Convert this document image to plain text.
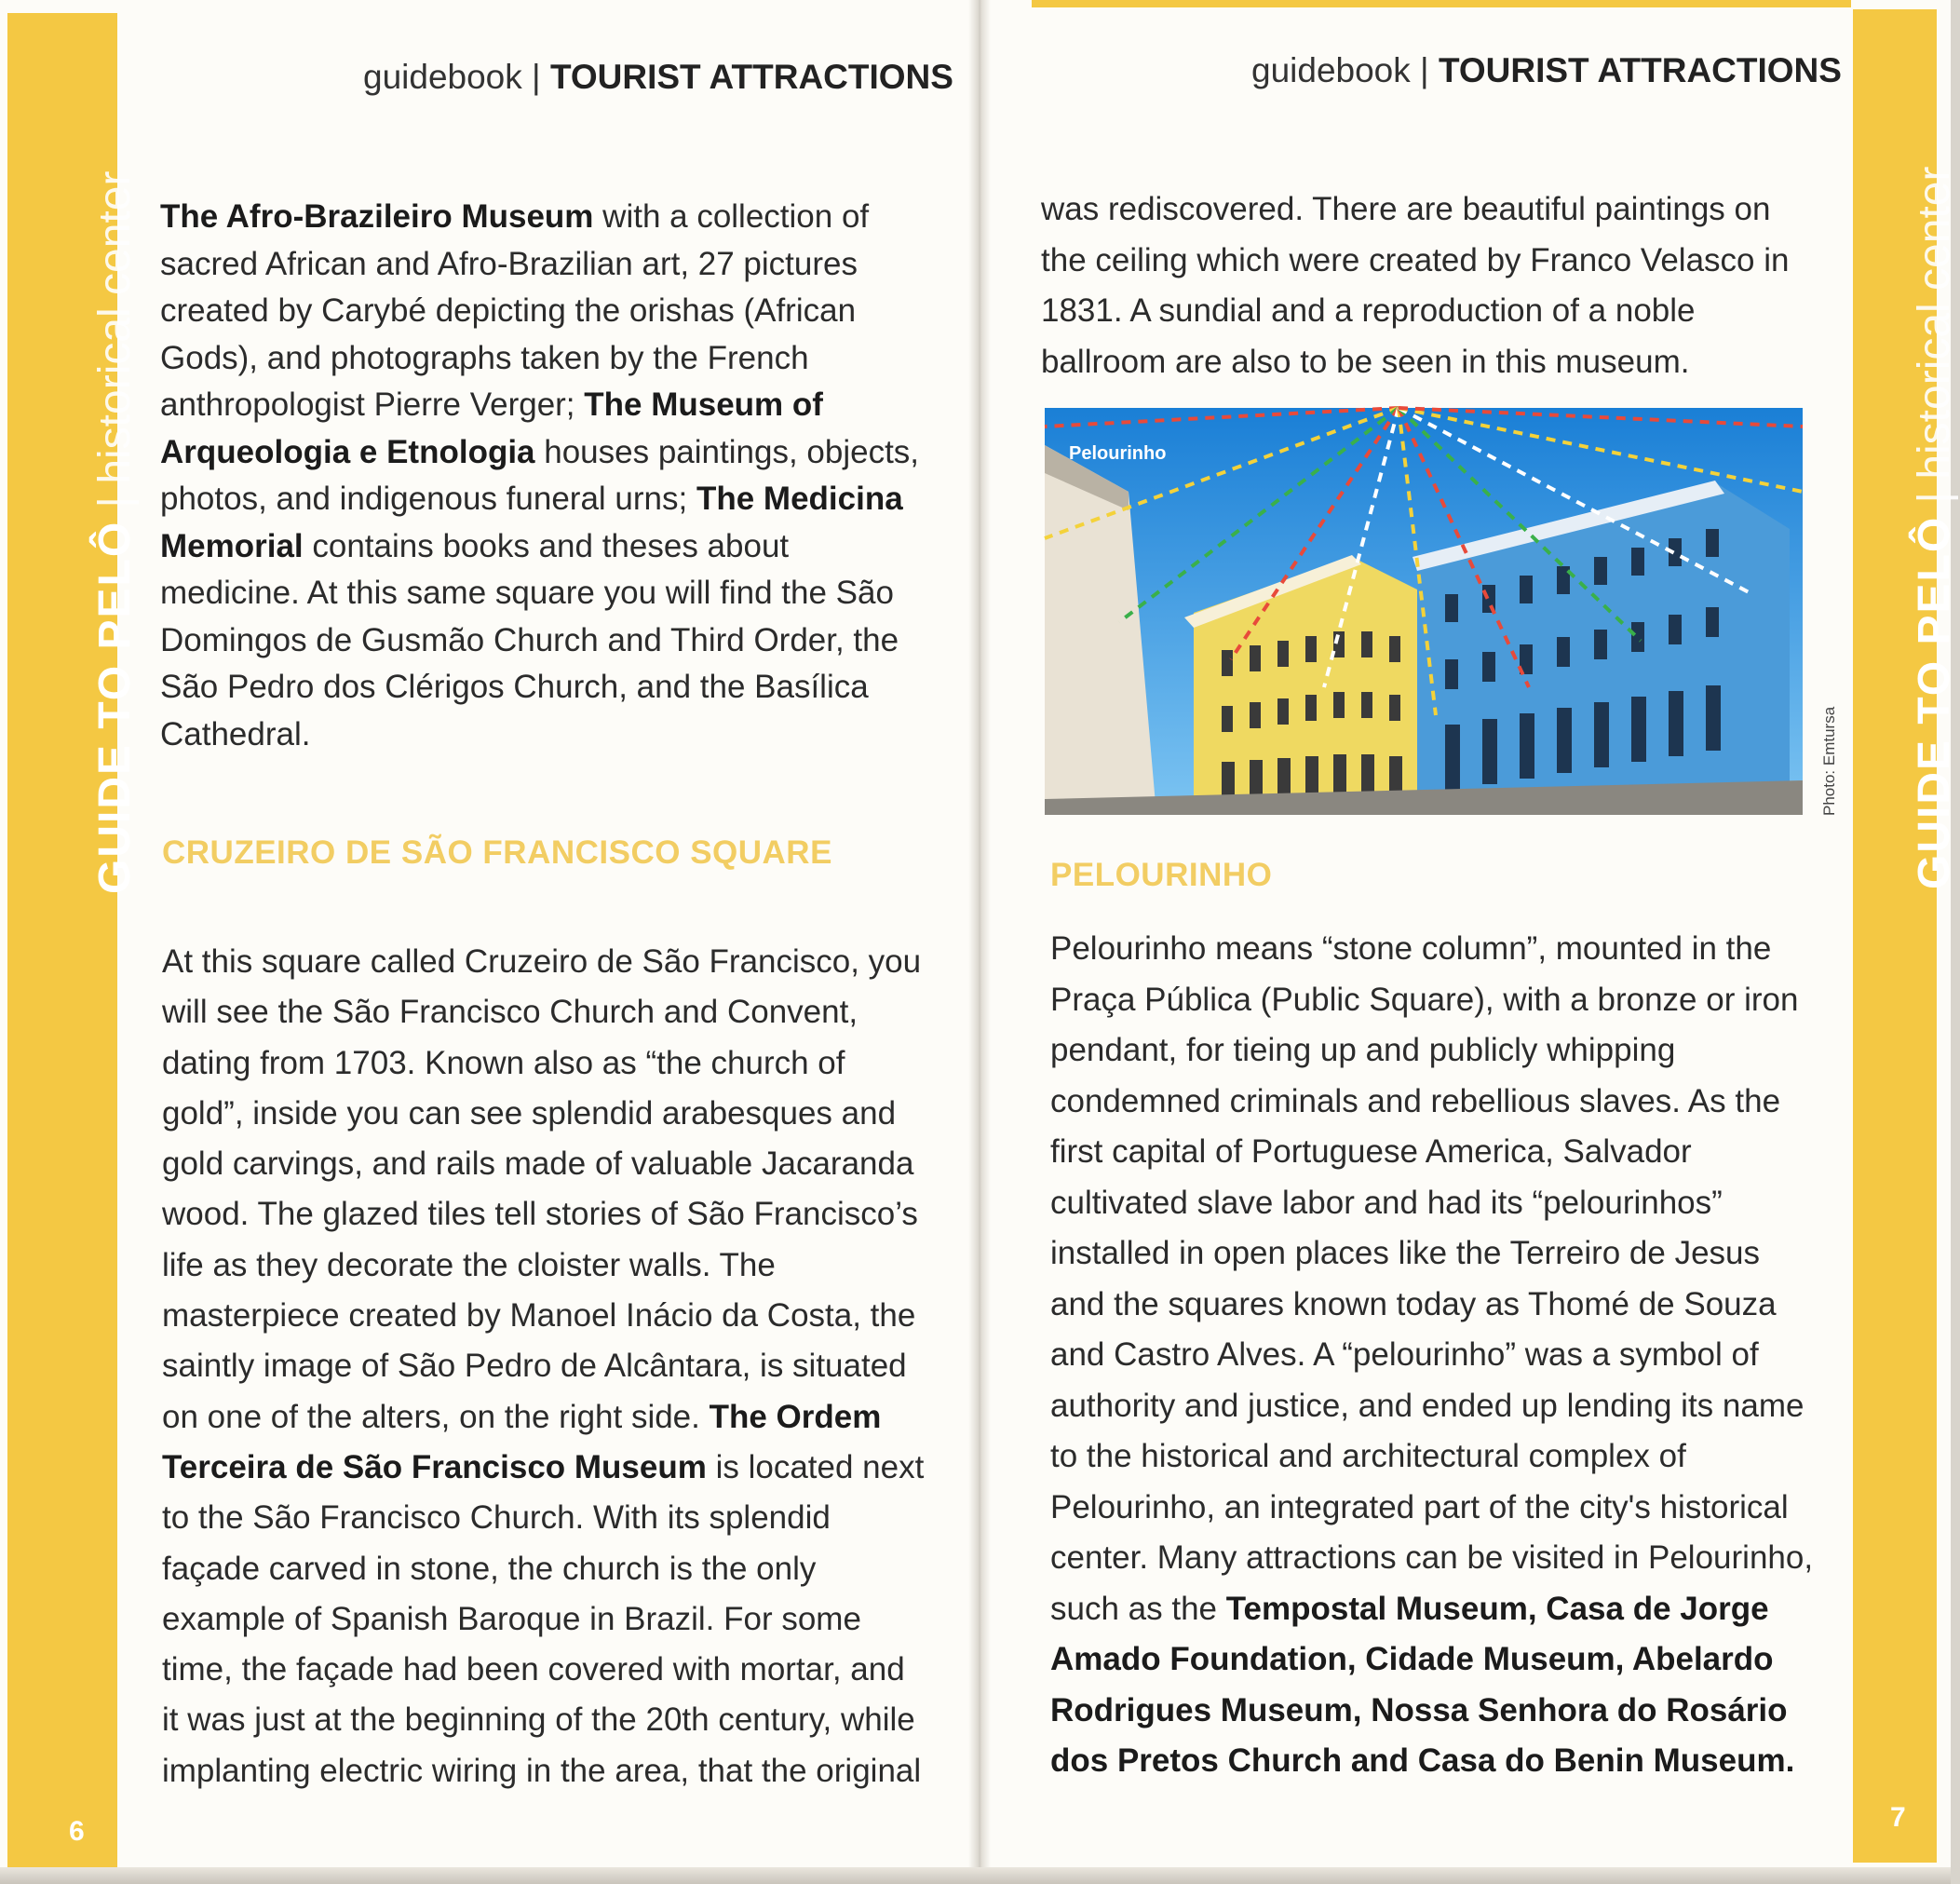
GUIDE TO PELÔ | historical center
6
guidebook | TOURIST ATTRACTIONS
The Afro-Brazileiro Museum with a collection of sacred African and Afro-Brazilian art, 27 pictures created by Carybé depicting the orishas (African Gods), and photographs taken by the French anthropologist Pierre Verger; The Museum of Arqueologia e Etnologia houses paintings, objects, photos, and indigenous funeral urns; The Medicina Memorial contains books and theses about medicine. At this same square you will find the São Domingos de Gusmão Church and Third Order, the São Pedro dos Clérigos Church, and the Basílica Cathedral.
CRUZEIRO DE SÃO FRANCISCO SQUARE
At this square called Cruzeiro de São Francisco, you will see the São Francisco Church and Convent, dating from 1703. Known also as “the church of gold”, inside you can see splendid arabesques and gold carvings, and rails made of valuable Jacaranda wood. The glazed tiles tell stories of São Francisco’s life as they decorate the cloister walls. The masterpiece created by Manoel Inácio da Costa, the saintly image of São Pedro de Alcântara, is situated on one of the alters, on the right side. The Ordem Terceira de São Francisco Museum is located next to the São Francisco Church. With its splendid façade carved in stone, the church is the only example of Spanish Baroque in Brazil. For some time, the façade had been covered with mortar, and it was just at the beginning of the 20th century, while implanting electric wiring in the area, that the original
GUIDE TO PELÔ | historical center
7
guidebook | TOURIST ATTRACTIONS
was rediscovered. There are beautiful paintings on the ceiling which were created by Franco Velasco in 1831. A sundial and a reproduction of a noble ballroom are also to be seen in this museum.
Pelourinho
Photo: Emtursa
PELOURINHO
Pelourinho means “stone column”, mounted in the Praça Pública (Public Square), with a bronze or iron pendant, for tieing up and publicly whipping condemned criminals and rebellious slaves. As the first capital of Portuguese America, Salvador cultivated slave labor and had its “pelourinhos” installed in open places like the Terreiro de Jesus and the squares known today as Thomé de Souza and Castro Alves. A “pelourinho” was a symbol of authority and justice, and ended up lending its name to the historical and architectural complex of Pelourinho, an integrated part of the city's historical center. Many attractions can be visited in Pelourinho, such as the Tempostal Museum, Casa de Jorge Amado Foundation, Cidade Museum, Abelardo Rodrigues Museum, Nossa Senhora do Rosário dos Pretos Church and Casa do Benin Museum.
